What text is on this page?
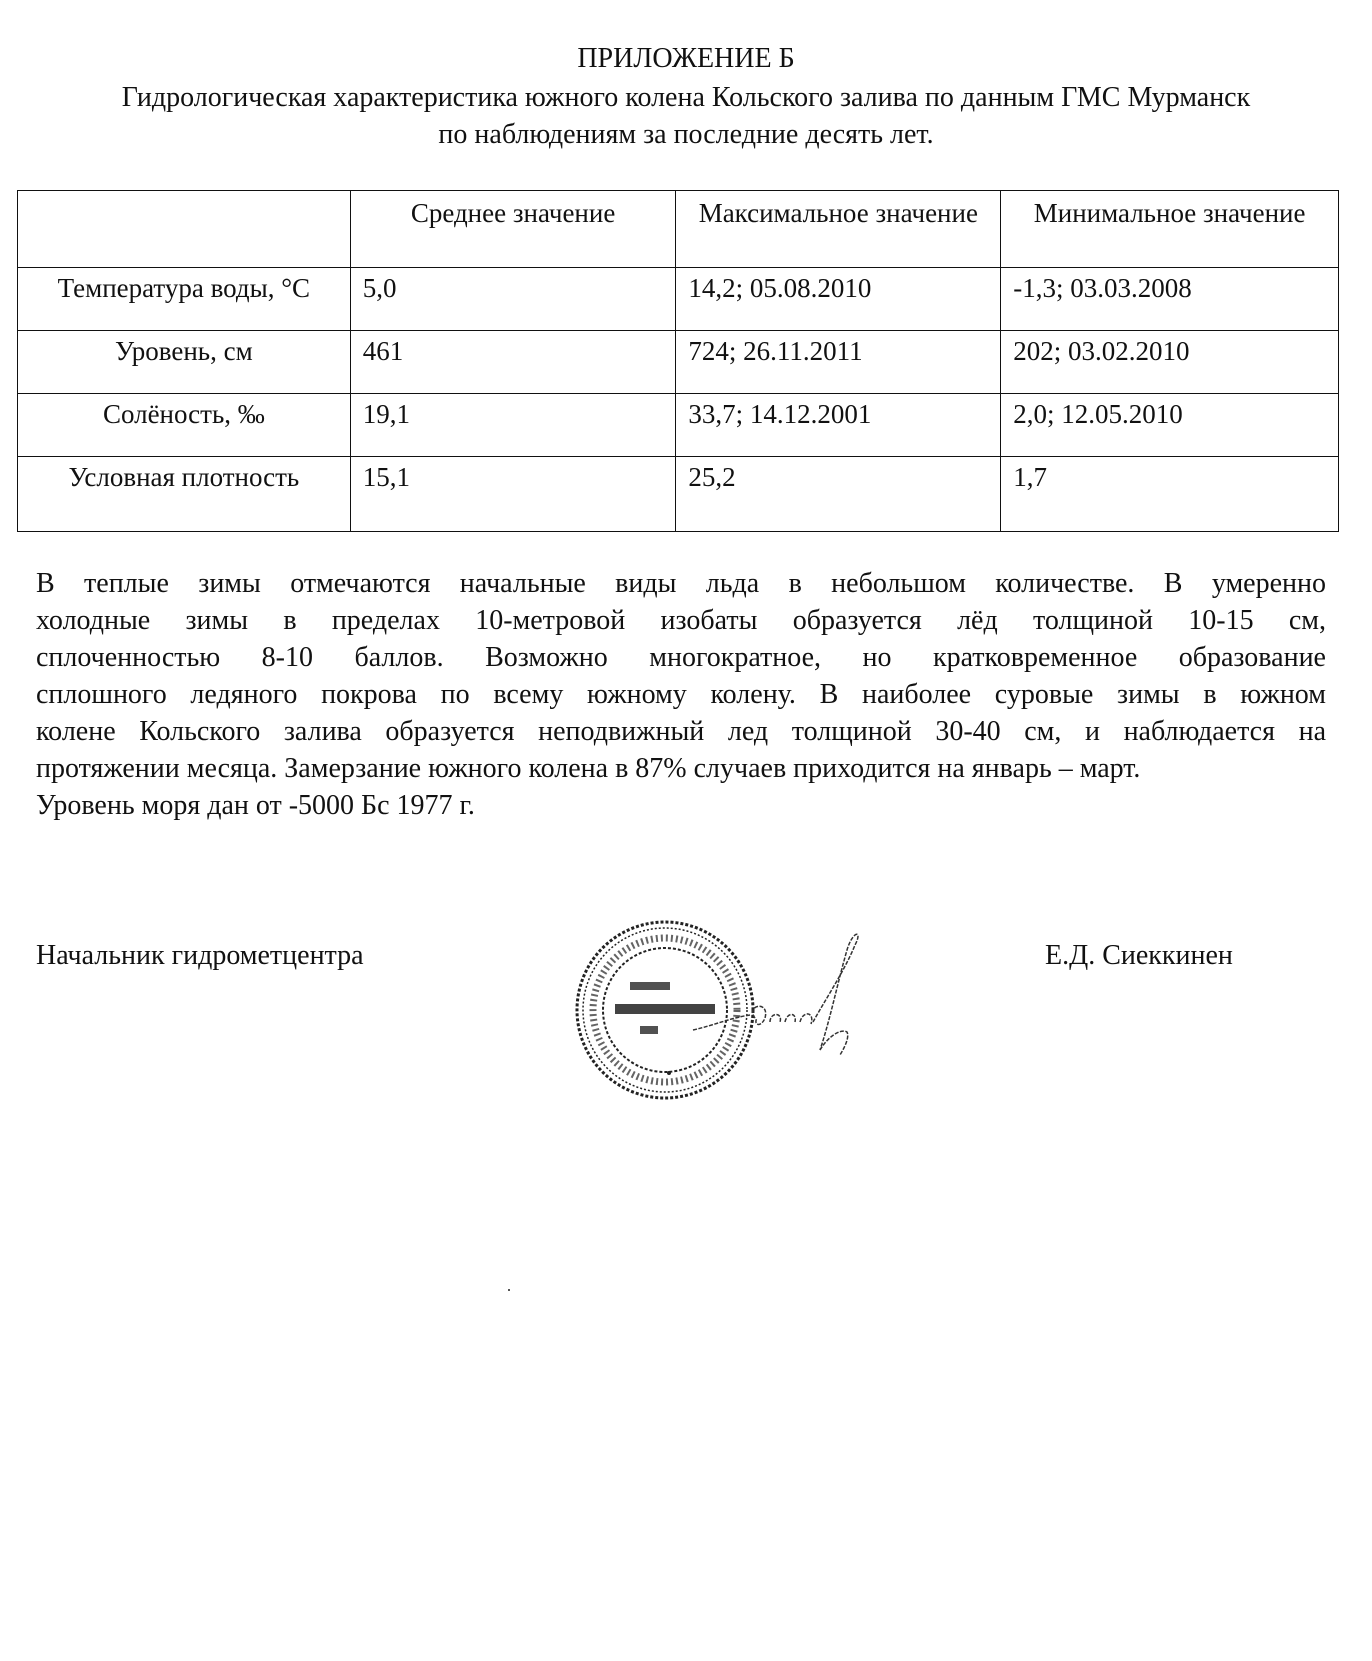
ПРИЛОЖЕНИЕ Б
Гидрологическая характеристика южного колена Кольского залива по данным ГМС Мурманск
по наблюдениям за последние десять лет.
	Среднее значение	Максимальное значение	Минимальное значение
Температура воды, °С	5,0	14,2; 05.08.2010	-1,3; 03.03.2008
Уровень, см	461	724; 26.11.2011	202; 03.02.2010
Солёность, ‰	19,1	33,7; 14.12.2001	2,0; 12.05.2010
Условная плотность	15,1	25,2	1,7
В теплые зимы отмечаются начальные виды льда в небольшом количестве. В умеренно
холодные зимы в пределах 10-метровой изобаты образуется лёд толщиной 10-15 см,
сплоченностью 8-10 баллов. Возможно многократное, но кратковременное образование
сплошного ледяного покрова по всему южному колену. В наиболее суровые зимы в южном
колене Кольского залива образуется неподвижный лед толщиной 30-40 см, и наблюдается на
протяжении месяца. Замерзание южного колена в 87% случаев приходится на январь – март.
Уровень моря дан от -5000 Бс 1977 г.
Начальник гидрометцентра	Е.Д. Сиеккинен
